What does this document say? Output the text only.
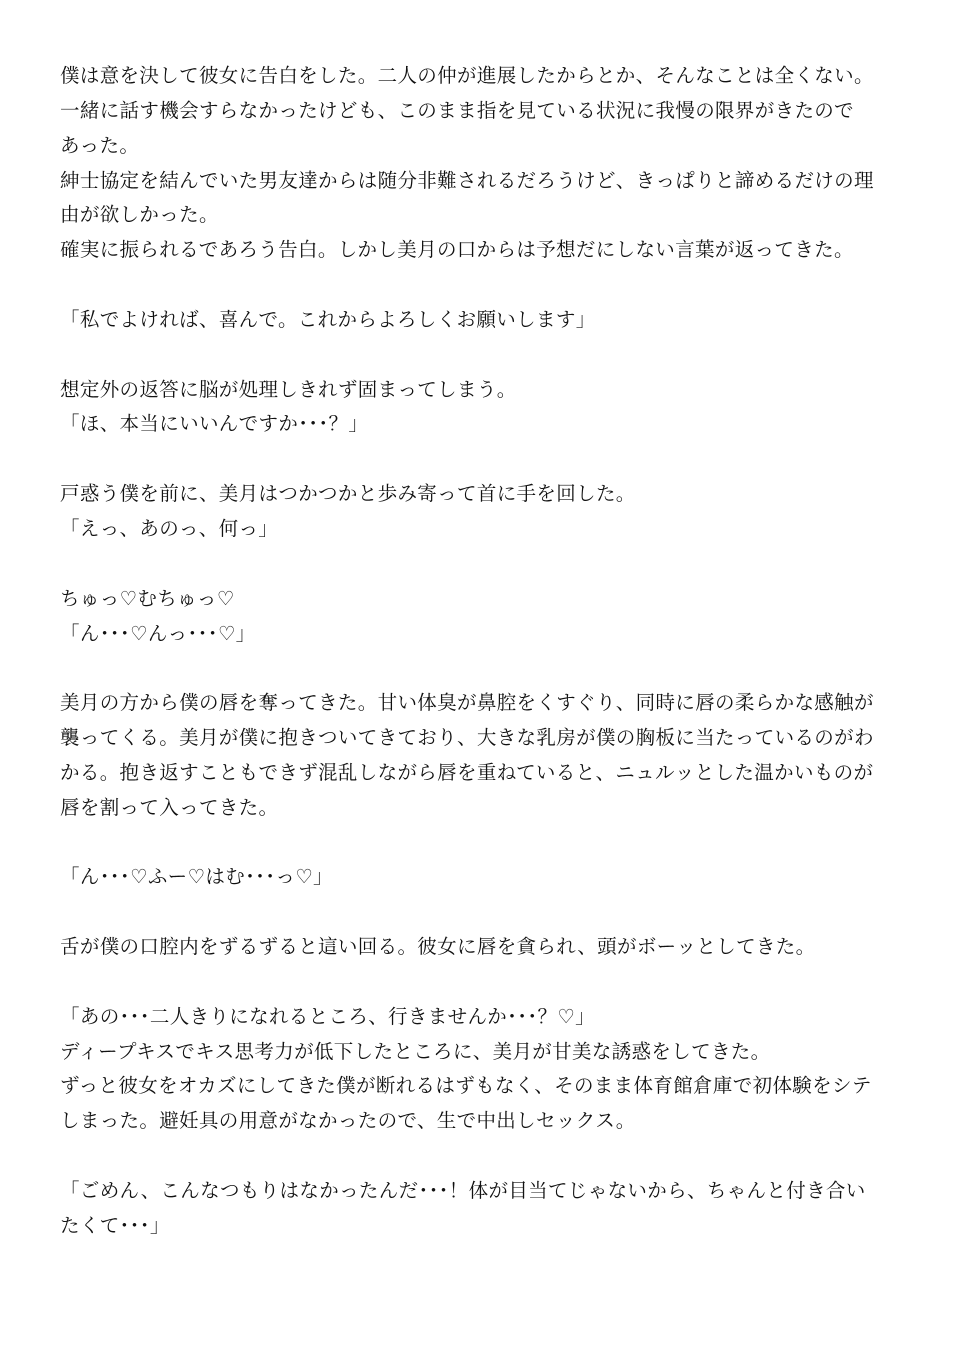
僕は意を決して彼女に告白をした。二人の仲が進展したからとか、そんなことは全くない。
一緒に話す機会すらなかったけども、このまま指を見ている状況に我慢の限界がきたので
あった。
紳士協定を結んでいた男友達からは随分非難されるだろうけど、きっぱりと諦めるだけの理
由が欲しかった。
確実に振られるであろう告白。しかし美月の口からは予想だにしない言葉が返ってきた。
「私でよければ、喜んで。これからよろしくお願いします」
想定外の返答に脳が処理しきれず固まってしまう。
「ほ、本当にいいんですか･･･？」
戸惑う僕を前に、美月はつかつかと歩み寄って首に手を回した。
「えっ、あのっ、何っ」
ちゅっ♡むちゅっ♡
「ん･･･♡んっ･･･♡」
美月の方から僕の唇を奪ってきた。甘い体臭が鼻腔をくすぐり、同時に唇の柔らかな感触が
襲ってくる。美月が僕に抱きついてきており、大きな乳房が僕の胸板に当たっているのがわ
かる。抱き返すこともできず混乱しながら唇を重ねていると、ニュルッとした温かいものが
唇を割って入ってきた。
「ん･･･♡ふー♡はむ･･･っ♡」
舌が僕の口腔内をずるずると這い回る。彼女に唇を貪られ、頭がボーッとしてきた。
「あの･･･二人きりになれるところ、行きませんか･･･？♡」
ディープキスでキス思考力が低下したところに、美月が甘美な誘惑をしてきた。
ずっと彼女をオカズにしてきた僕が断れるはずもなく、そのまま体育館倉庫で初体験をシテ
しまった。避妊具の用意がなかったので、生で中出しセックス。
「ごめん、こんなつもりはなかったんだ･･･！体が目当てじゃないから、ちゃんと付き合い
たくて･･･」
